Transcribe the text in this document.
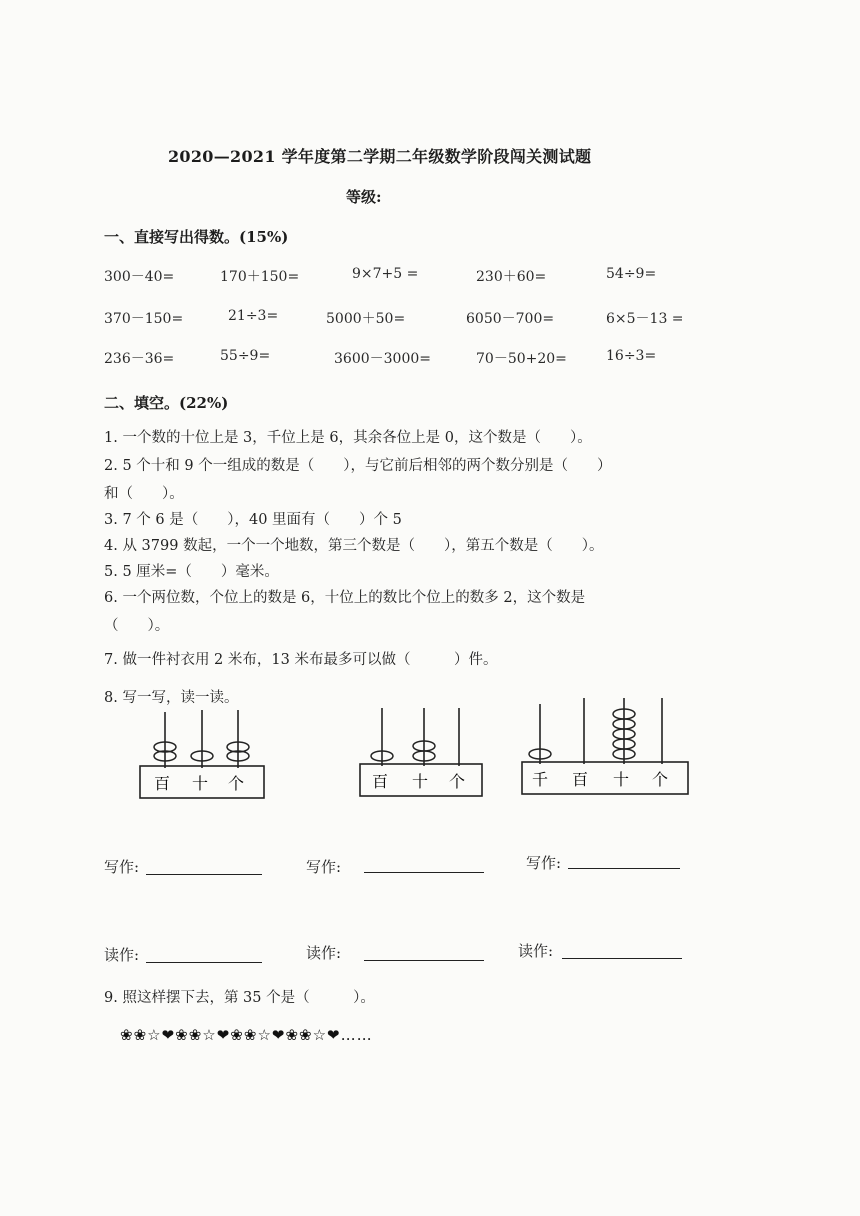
2020—2021 学年度第二学期二年级数学阶段闯关测试题
等级:
一、直接写出得数。(15%)
300－40=	170＋150=	9×7+5 =	230＋60=	54÷9=
370－150=	21÷3=	5000＋50=	6050－700=	6×5－13 =
236－36=	55÷9=	3600－3000=	70－50+20=	16÷3=
二、填空。(22%)
1. 一个数的十位上是 3，千位上是 6，其余各位上是 0，这个数是（　　）。
2. 5 个十和 9 个一组成的数是（　　），与它前后相邻的两个数分别是（　　）
和（　　）。
3. 7 个 6 是（　　），40 里面有（　　）个 5
4. 从 3799 数起，一个一个地数，第三个数是（　　），第五个数是（　　）。
5. 5 厘米=（　　）毫米。
6. 一个两位数，个位上的数是 6，十位上的数比个位上的数多 2，这个数是
（　　）。
7. 做一件衬衣用 2 米布，13 米布最多可以做（　　　）件。
8. 写一写，读一读。
百 十 个	百 十 个	千 百 十 个
写作:	写作:	写作:
读作:	读作:	读作:
9. 照这样摆下去，第 35 个是（　　　）。
❀❀☆❤❀❀☆❤❀❀☆❤❀❀☆❤……
